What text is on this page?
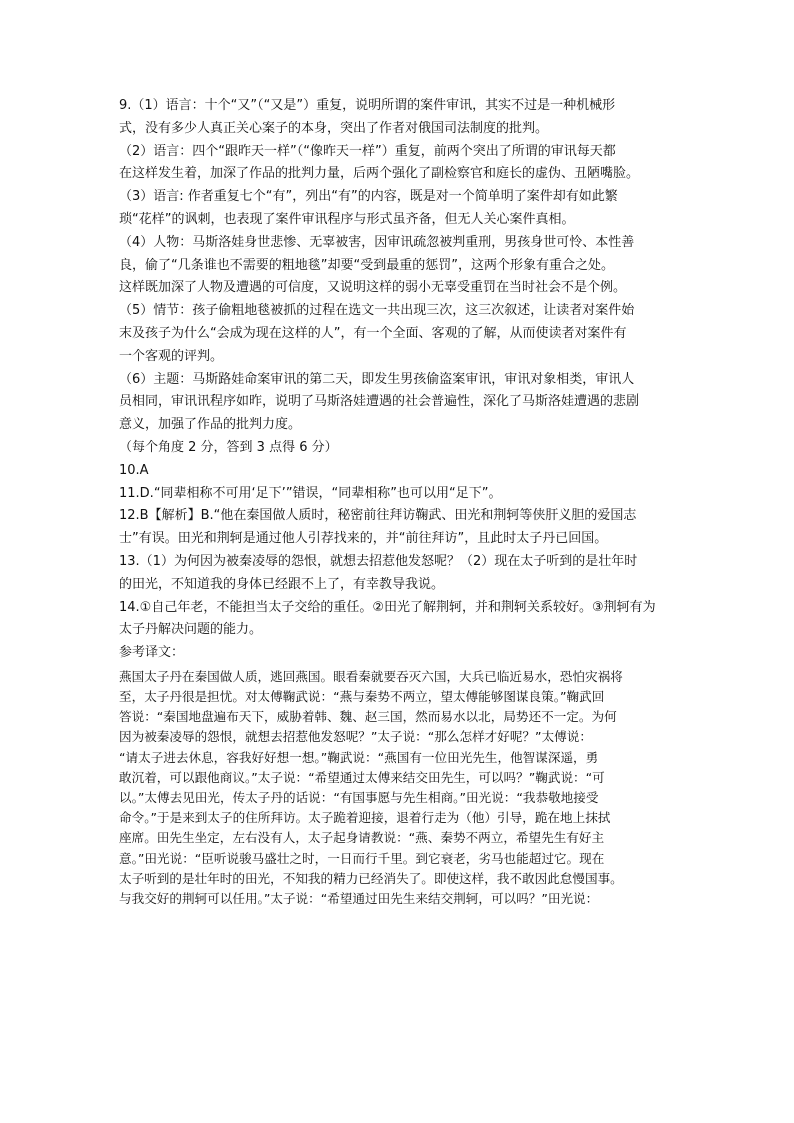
9.（1）语言：十个“又”（“又是”）重复，说明所谓的案件审讯，其实不过是一种机械形
式，没有多少人真正关心案子的本身，突出了作者对俄国司法制度的批判。
（2）语言：四个“跟昨天一样”（“像昨天一样”）重复，前两个突出了所谓的审讯每天都
在这样发生着，加深了作品的批判力量，后两个强化了副检察官和庭长的虚伪、丑陋嘴脸。
（3）语言: 作者重复七个“有”，列出“有”的内容，既是对一个简单明了案件却有如此繁
琐“花样”的讽刺，也表现了案件审讯程序与形式虽齐备，但无人关心案件真相。
（4）人物：马斯洛娃身世悲惨、无辜被害，因审讯疏忽被判重刑，男孩身世可怜、本性善
良，偷了“几条谁也不需要的粗地毯”却要“受到最重的惩罚”，这两个形象有重合之处。
这样既加深了人物及遭遇的可信度，又说明这样的弱小无辜受重罚在当时社会不是个例。
（5）情节：孩子偷粗地毯被抓的过程在选文一共出现三次，这三次叙述，让读者对案件始
末及孩子为什么“会成为现在这样的人”，有一个全面、客观的了解，从而使读者对案件有
一个客观的评判。
（6）主题：马斯路娃命案审讯的第二天，即发生男孩偷盗案审讯，审讯对象相类，审讯人
员相同，审讯讯程序如昨，说明了马斯洛娃遭遇的社会普遍性，深化了马斯洛娃遭遇的悲剧
意义，加强了作品的批判力度。
（每个角度 2 分，答到 3 点得 6 分）
10.A
11.D.“同辈相称不可用‘足下’”错误，“同辈相称”也可以用“足下”。
12.B【解析】B.“他在秦国做人质时，秘密前往拜访鞠武、田光和荆轲等侠肝义胆的爱国志
士”有误。田光和荆轲是通过他人引荐找来的，并“前往拜访”，且此时太子丹已回国。
13.（1）为何因为被秦凌辱的怨恨，就想去招惹他发怒呢？（2）现在太子听到的是壮年时
的田光，不知道我的身体已经跟不上了，有幸教导我说。
14.①自己年老，不能担当太子交给的重任。②田光了解荆轲，并和荆轲关系较好。③荆轲有为
太子丹解决问题的能力。
参考译文：
燕国太子丹在秦国做人质，逃回燕国。眼看秦就要吞灭六国，大兵已临近易水，恐怕灾祸将
至，太子丹很是担忧。对太傅鞠武说：“燕与秦势不两立，望太傅能够图谋良策。”鞠武回
答说：“秦国地盘遍布天下，威胁着韩、魏、赵三国，然而易水以北，局势还不一定。为何
因为被秦凌辱的怨恨，就想去招惹他发怒呢？”太子说：“那么怎样才好呢？”太傅说：
“请太子进去休息，容我好好想一想。”鞠武说：“燕国有一位田光先生，他智谋深遥，勇
敢沉着，可以跟他商议。”太子说：“希望通过太傅来结交田先生，可以吗？”鞠武说：“可
以。”太傅去见田光，传太子丹的话说：“有国事愿与先生相商。”田光说：“我恭敬地接受
命令。”于是来到太子的住所拜访。太子跪着迎接，退着行走为（他）引导，跪在地上抹拭
座席。田先生坐定，左右没有人，太子起身请教说：“燕、秦势不两立，希望先生有好主
意。”田光说：“臣听说骏马盛壮之时，一日而行千里。到它衰老，劣马也能超过它。现在
太子听到的是壮年时的田光，不知我的精力已经消失了。即使这样，我不敢因此怠慢国事。
与我交好的荆轲可以任用。”太子说：“希望通过田先生来结交荆轲，可以吗？”田光说：
